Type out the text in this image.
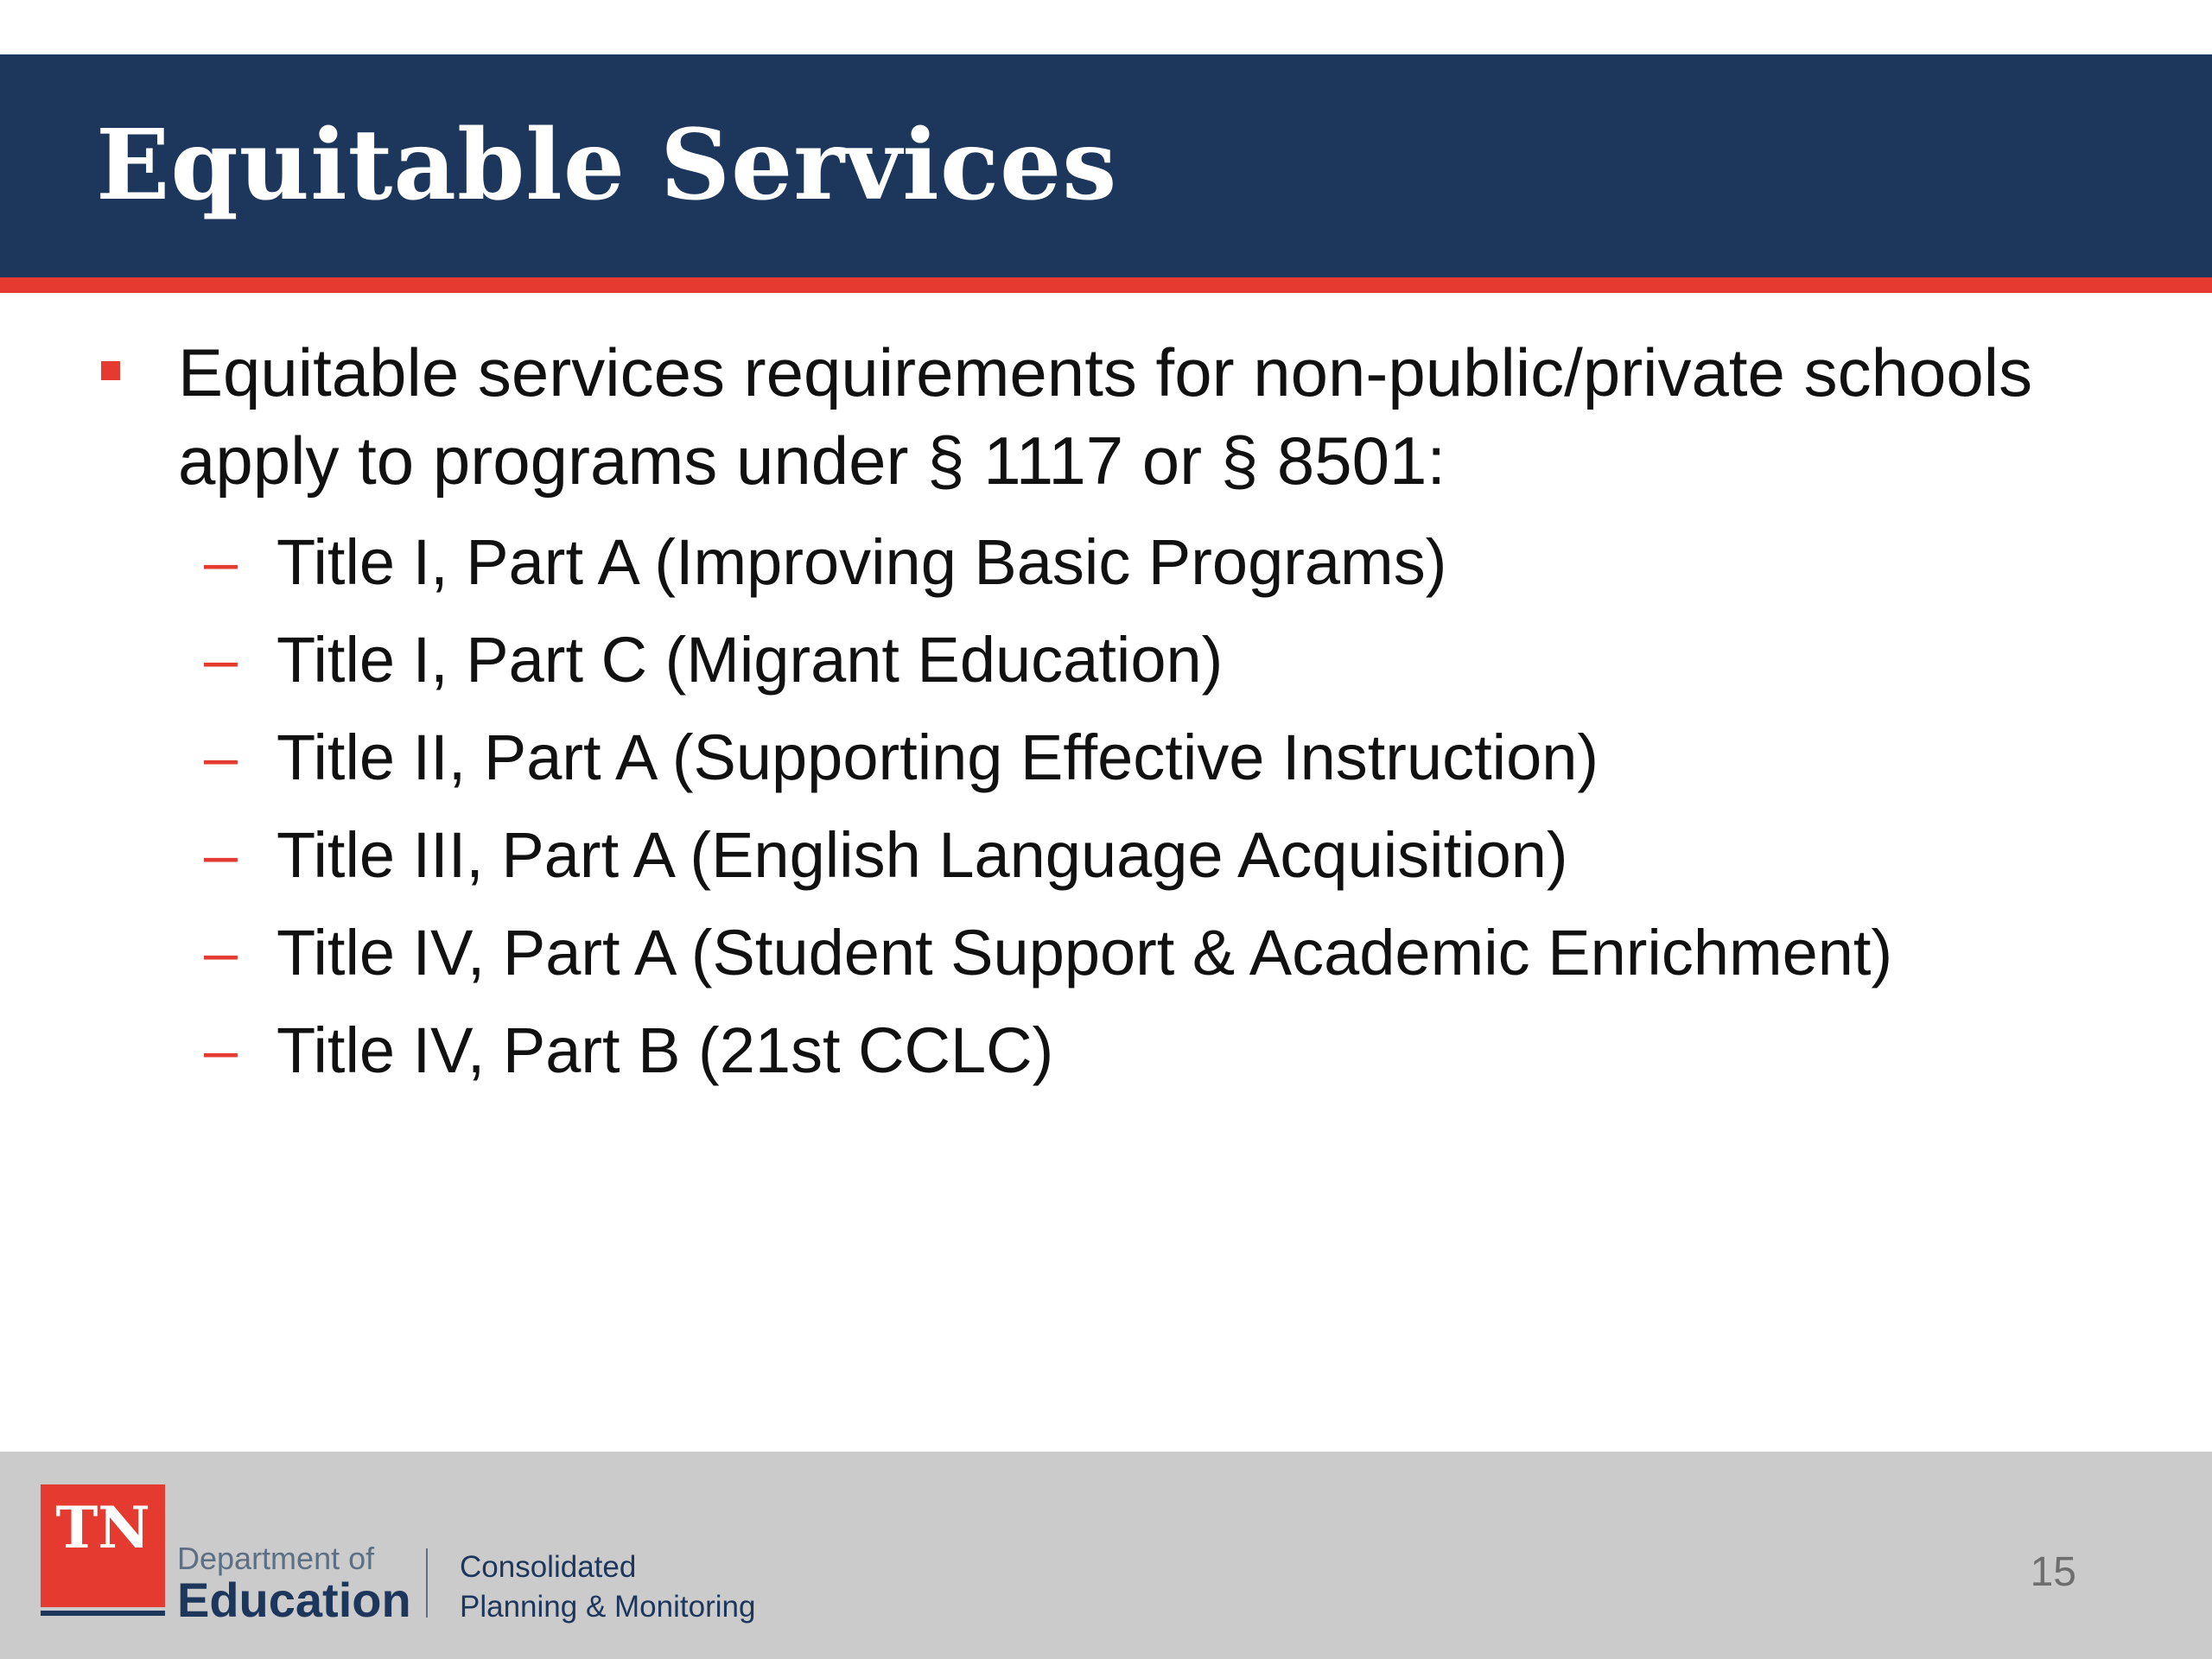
Equitable Services

Equitable services requirements for non-public/private schools apply to programs under § 1117 or § 8501:

– Title I, Part A (Improving Basic Programs)
– Title I, Part C (Migrant Education)
– Title II, Part A (Supporting Effective Instruction)
– Title III, Part A (English Language Acquisition)
– Title IV, Part A (Student Support & Academic Enrichment)
– Title IV, Part B (21st CCLC)
TN Department of
Education
Consolidated
Planning & Monitoring
15
